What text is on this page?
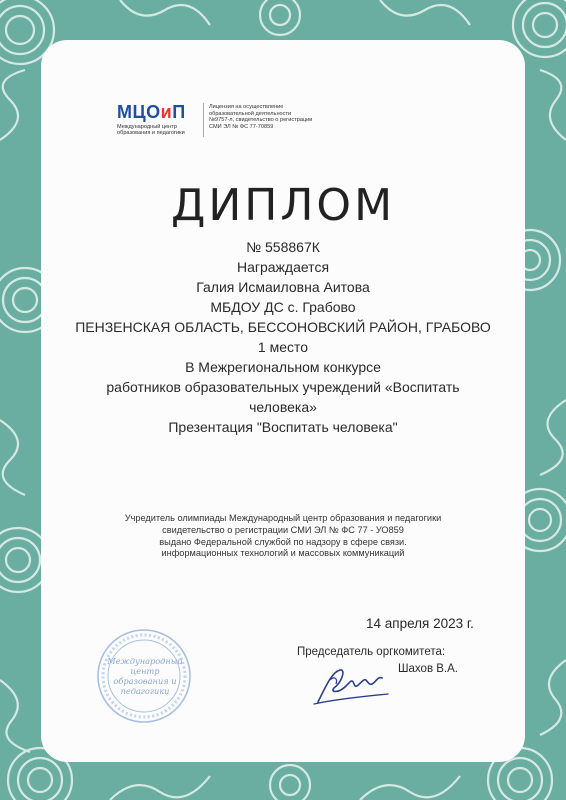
МЦОиП
Международный центр образования и педагогики
Лицензия на осуществление образовательной деятельности №9757-л, свидетельство о регистрации СМИ ЭЛ № ФС 77-70859
ДИПЛОМ
№ 558867К
Награждается
Галия Исмаиловна Аитова
МБДОУ ДС с. Грабово
ПЕНЗЕНСКАЯ ОБЛАСТЬ, БЕССОНОВСКИЙ РАЙОН, ГРАБОВО
1 место
В Межрегиональном конкурсе
работников образовательных учреждений «Воспитать
человека»
Презентация "Воспитать человека"
Учредитель олимпиады Международный центр образования и педагогики
свидетельство о регистрации СМИ ЭЛ № ФС 77 - УО859
выдано Федеральной службой по надзору в сфере связи.
информационных технологий и массовых коммуникаций
14 апреля 2023 г.
Председатель оргкомитета:
Шахов В.А.
Международный центр образования и педагогики
